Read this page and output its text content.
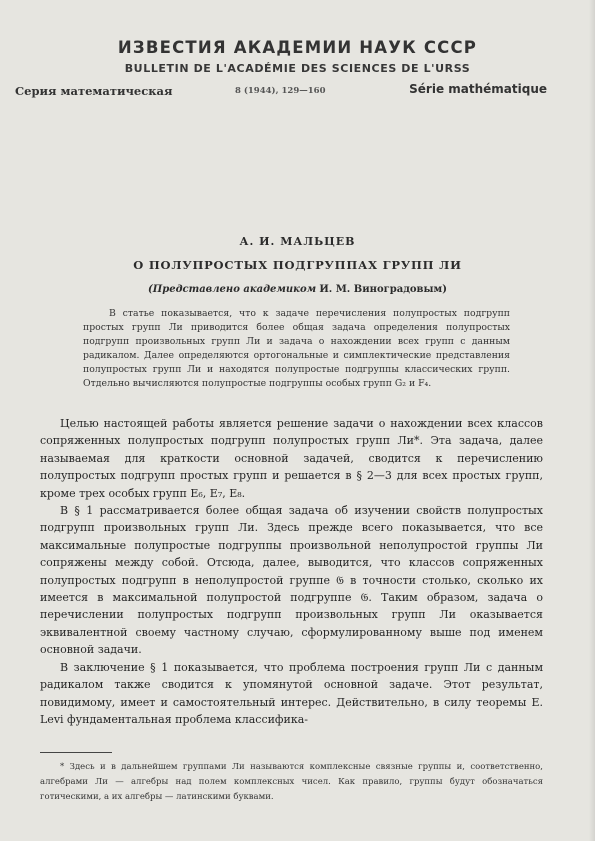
ИЗВЕСТИЯ АКАДЕМИИ НАУК СССР
BULLETIN DE L'ACADÉMIE DES SCIENCES DE L'URSS
Серия математическая	8 (1944), 129—160	Série mathématique
А. И. МАЛЬЦЕВ
О ПОЛУПРОСТЫХ ПОДГРУППАХ ГРУПП ЛИ
(Представлено академиком И. М. Виноградовым)
В статье показывается, что к задаче перечисления полупростых подгрупп простых групп Ли приводится более общая задача определения полупростых подгрупп произвольных групп Ли и задача о нахождении всех групп с данным радикалом. Далее определяются ортогональные и симплектические представления полупростых групп Ли и находятся полупростые подгруппы классических групп. Отдельно вычисляются полупростые подгруппы особых групп G₂ и F₄.

Целью настоящей работы является решение задачи о нахождении всех классов сопряженных полупростых подгрупп полупростых групп Ли*. Эта задача, далее называемая для краткости основной задачей, сводится к перечислению полупростых подгрупп простых групп и решается в § 2—3 для всех простых групп, кроме трех особых групп E₆, E₇, E₈.

В § 1 рассматривается более общая задача об изучении свойств полупростых подгрупп произвольных групп Ли. Здесь прежде всего показывается, что все максимальные полупростые подгруппы произвольной неполупростой группы Ли сопряжены между собой. Отсюда, далее, выводится, что классов сопряженных полупростых подгрупп в неполупростой группе 𝔊 в точности столько, сколько их имеется в максимальной полупростой подгруппе 𝔊. Таким образом, задача о перечислении полупростых подгрупп произвольных групп Ли оказывается эквивалентной своему частному случаю, сформулированному выше под именем основной задачи.

В заключение § 1 показывается, что проблема построения групп Ли с данным радикалом также сводится к упомянутой основной задаче. Этот результат, повидимому, имеет и самостоятельный интерес. Действительно, в силу теоремы E. Levi фундаментальная проблема классифика-

* Здесь и в дальнейшем группами Ли называются комплексные связные группы и, соответственно, алгебрами Ли — алгебры над полем комплексных чисел. Как правило, группы будут обозначаться готическими, а их алгебры — латинскими буквами.
